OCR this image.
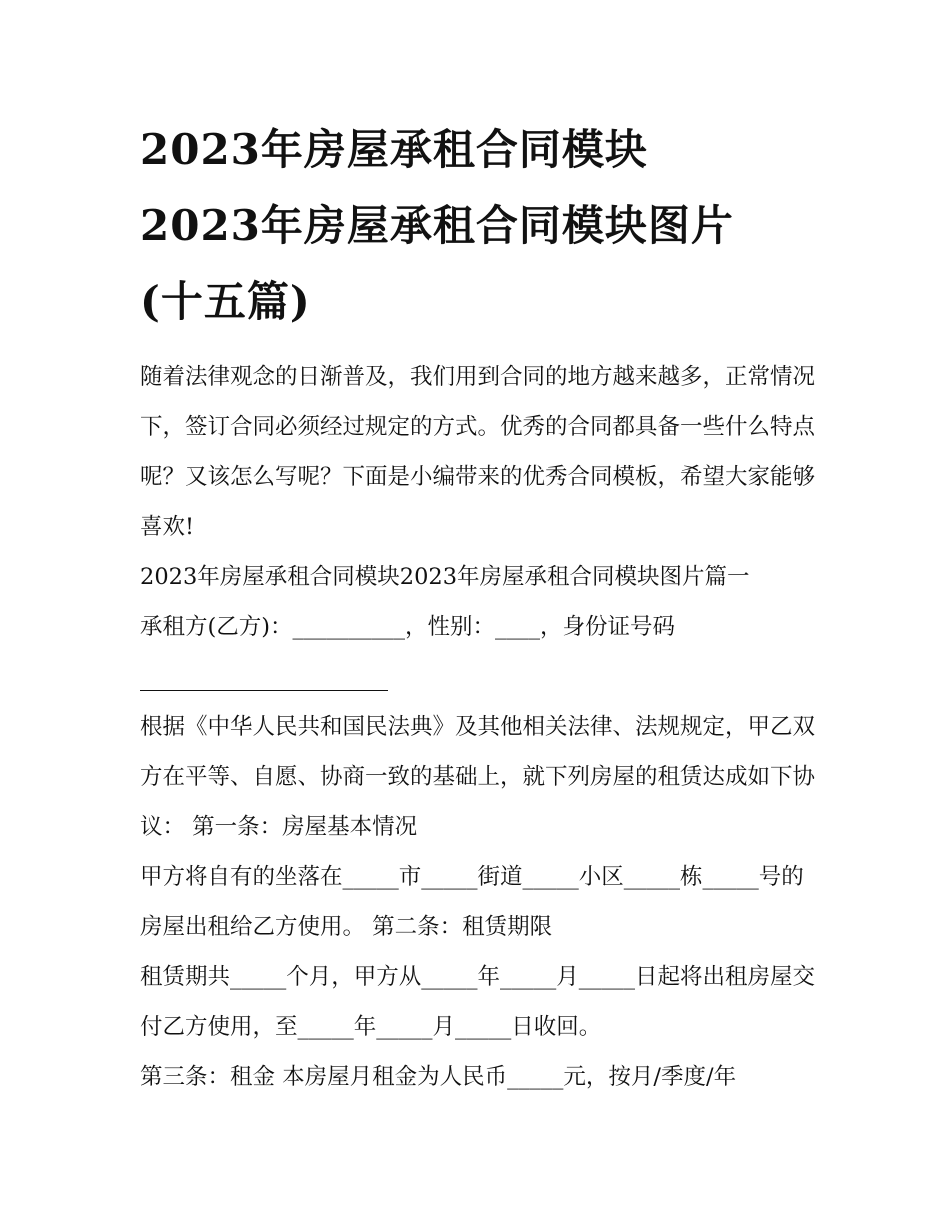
2023年房屋承租合同模块
2023年房屋承租合同模块图片
(十五篇)

随着法律观念的日渐普及，我们用到合同的地方越来越多，正常情况下，签订合同必须经过规定的方式。优秀的合同都具备一些什么特点呢？又该怎么写呢？下面是小编带来的优秀合同模板，希望大家能够喜欢!

2023年房屋承租合同模块2023年房屋承租合同模块图片篇一

承租方(乙方)：__________，性别：____，身份证号码

根据《中华人民共和国民法典》及其他相关法律、法规规定，甲乙双方在平等、自愿、协商一致的基础上，就下列房屋的租赁达成如下协议： 第一条：房屋基本情况

甲方将自有的坐落在_____市_____街道_____小区_____栋_____号的房屋出租给乙方使用。 第二条：租赁期限

租赁期共_____个月，甲方从_____年_____月_____日起将出租房屋交付乙方使用，至_____年_____月_____日收回。

第三条：租金 本房屋月租金为人民币_____元，按月/季度/年
